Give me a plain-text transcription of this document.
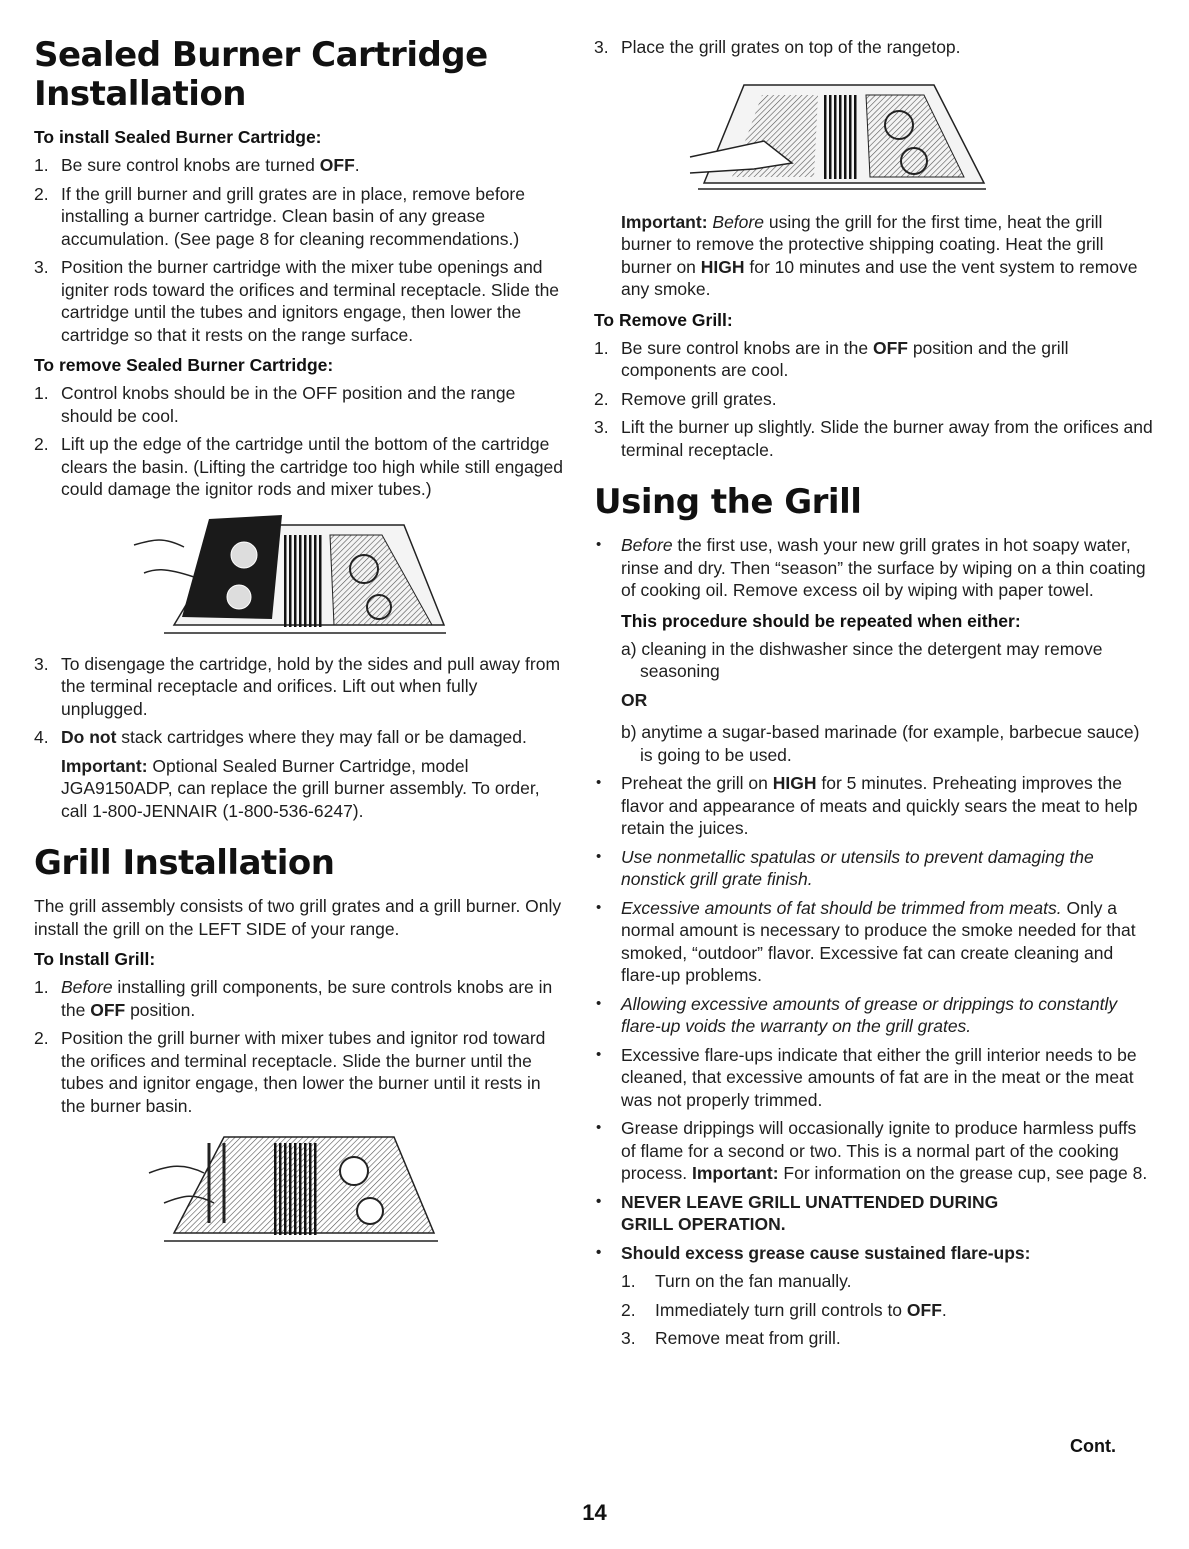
Sealed Burner Cartridge
Installation
To install Sealed Burner Cartridge:
1. Be sure control knobs are turned OFF.
2. If the grill burner and grill grates are in place, remove before installing a burner cartridge. Clean basin of any grease accumulation. (See page 8 for cleaning recommendations.)
3. Position the burner cartridge with the mixer tube openings and igniter rods toward the orifices and terminal receptacle. Slide the cartridge until the tubes and ignitors engage, then lower the cartridge so that it rests on the range surface.
To remove Sealed Burner Cartridge:
1. Control knobs should be in the OFF position and the range should be cool.
2. Lift up the edge of the cartridge until the bottom of the cartridge clears the basin. (Lifting the cartridge too high while still engaged could damage the ignitor rods and mixer tubes.)
3. To disengage the cartridge, hold by the sides and pull away from the terminal receptacle and orifices. Lift out when fully unplugged.
4. Do not stack cartridges where they may fall or be damaged.
Important: Optional Sealed Burner Cartridge, model JGA9150ADP, can replace the grill burner assembly. To order, call 1-800-JENNAIR (1-800-536-6247).
Grill Installation
The grill assembly consists of two grill grates and a grill burner. Only install the grill on the LEFT SIDE of your range.
To Install Grill:
1. Before installing grill components, be sure controls knobs are in the OFF position.
2. Position the grill burner with mixer tubes and ignitor rod toward the orifices and terminal receptacle. Slide the burner until the tubes and ignitor engage, then lower the burner until it rests in the burner basin.
3. Place the grill grates on top of the rangetop.
Important: Before using the grill for the first time, heat the grill burner to remove the protective shipping coating. Heat the grill burner on HIGH for 10 minutes and use the vent system to remove any smoke.
To Remove Grill:
1. Be sure control knobs are in the OFF position and the grill components are cool.
2. Remove grill grates.
3. Lift the burner up slightly. Slide the burner away from the orifices and terminal receptacle.
Using the Grill
• Before the first use, wash your new grill grates in hot soapy water, rinse and dry. Then “season” the surface by wiping on a thin coating of cooking oil. Remove excess oil by wiping with paper towel.
This procedure should be repeated when either:
a) cleaning in the dishwasher since the detergent may remove seasoning
OR
b) anytime a sugar-based marinade (for example, barbecue sauce) is going to be used.
• Preheat the grill on HIGH for 5 minutes. Preheating improves the flavor and appearance of meats and quickly sears the meat to help retain the juices.
• Use nonmetallic spatulas or utensils to prevent damaging the nonstick grill grate finish.
• Excessive amounts of fat should be trimmed from meats. Only a normal amount is necessary to produce the smoke needed for that smoked, “outdoor” flavor. Excessive fat can create cleaning and flare-up problems.
• Allowing excessive amounts of grease or drippings to constantly flare-up voids the warranty on the grill grates.
• Excessive flare-ups indicate that either the grill interior needs to be cleaned, that excessive amounts of fat are in the meat or the meat was not properly trimmed.
• Grease drippings will occasionally ignite to produce harmless puffs of flame for a second or two. This is a normal part of the cooking process. Important: For information on the grease cup, see page 8.
• NEVER LEAVE GRILL UNATTENDED DURING
GRILL OPERATION.
• Should excess grease cause sustained flare-ups:
1. Turn on the fan manually.
2. Immediately turn grill controls to OFF.
3. Remove meat from grill.
Cont.
14
